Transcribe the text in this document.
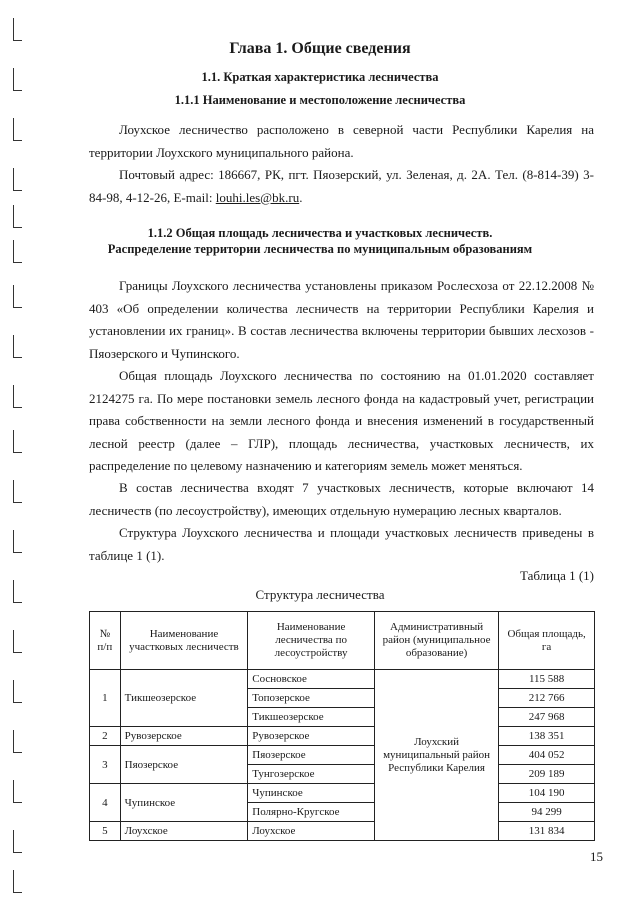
Глава 1. Общие сведения
1.1. Краткая характеристика лесничества
1.1.1 Наименование и местоположение лесничества
Лоухское лесничество расположено в северной части Республики Карелия на территории Лоухского муниципального района.
Почтовый адрес: 186667, РК, пгт. Пяозерский, ул. Зеленая, д. 2А. Тел. (8-814-39) 3-84-98, 4-12-26, E-mail: louhi.les@bk.ru.
1.1.2 Общая площадь лесничества и участковых лесничеств.
Распределение территории лесничества по муниципальным образованиям
Границы Лоухского лесничества установлены приказом Рослесхоза от 22.12.2008 № 403 «Об определении количества лесничеств на территории Республики Карелия и установлении их границ». В состав лесничества включены территории бывших лесхозов - Пяозерского и Чупинского.
Общая площадь Лоухского лесничества по состоянию на 01.01.2020 составляет 2124275 га. По мере постановки земель лесного фонда на кадастровый учет, регистрации права собственности на земли лесного фонда и внесения изменений в государственный лесной реестр (далее – ГЛР), площадь лесничества, участковых лесничеств, их распределение по целевому назначению и категориям земель может меняться.
В состав лесничества входят 7 участковых лесничеств, которые включают 14 лесничеств (по лесоустройству), имеющих отдельную нумерацию лесных кварталов.
Структура Лоухского лесничества и площади участковых лесничеств приведены в таблице 1 (1).
Таблица 1 (1)
Структура лесничества
№ п/п	Наименование участковых лесничеств	Наименование лесничества по лесоустройству	Административный район (муниципальное образование)	Общая площадь, га
1	Тикшеозерское	Сосновское	Лоухский муниципальный район Республики Карелия	115 588
		Топозерское		212 766
		Тикшеозерское		247 968
2	Рувозерское	Рувозерское		138 351
3	Пяозерское	Пяозерское		404 052
		Тунгозерское		209 189
4	Чупинское	Чупинское		104 190
		Полярно-Кругское		94 299
5	Лоухское	Лоухское		131 834
15
